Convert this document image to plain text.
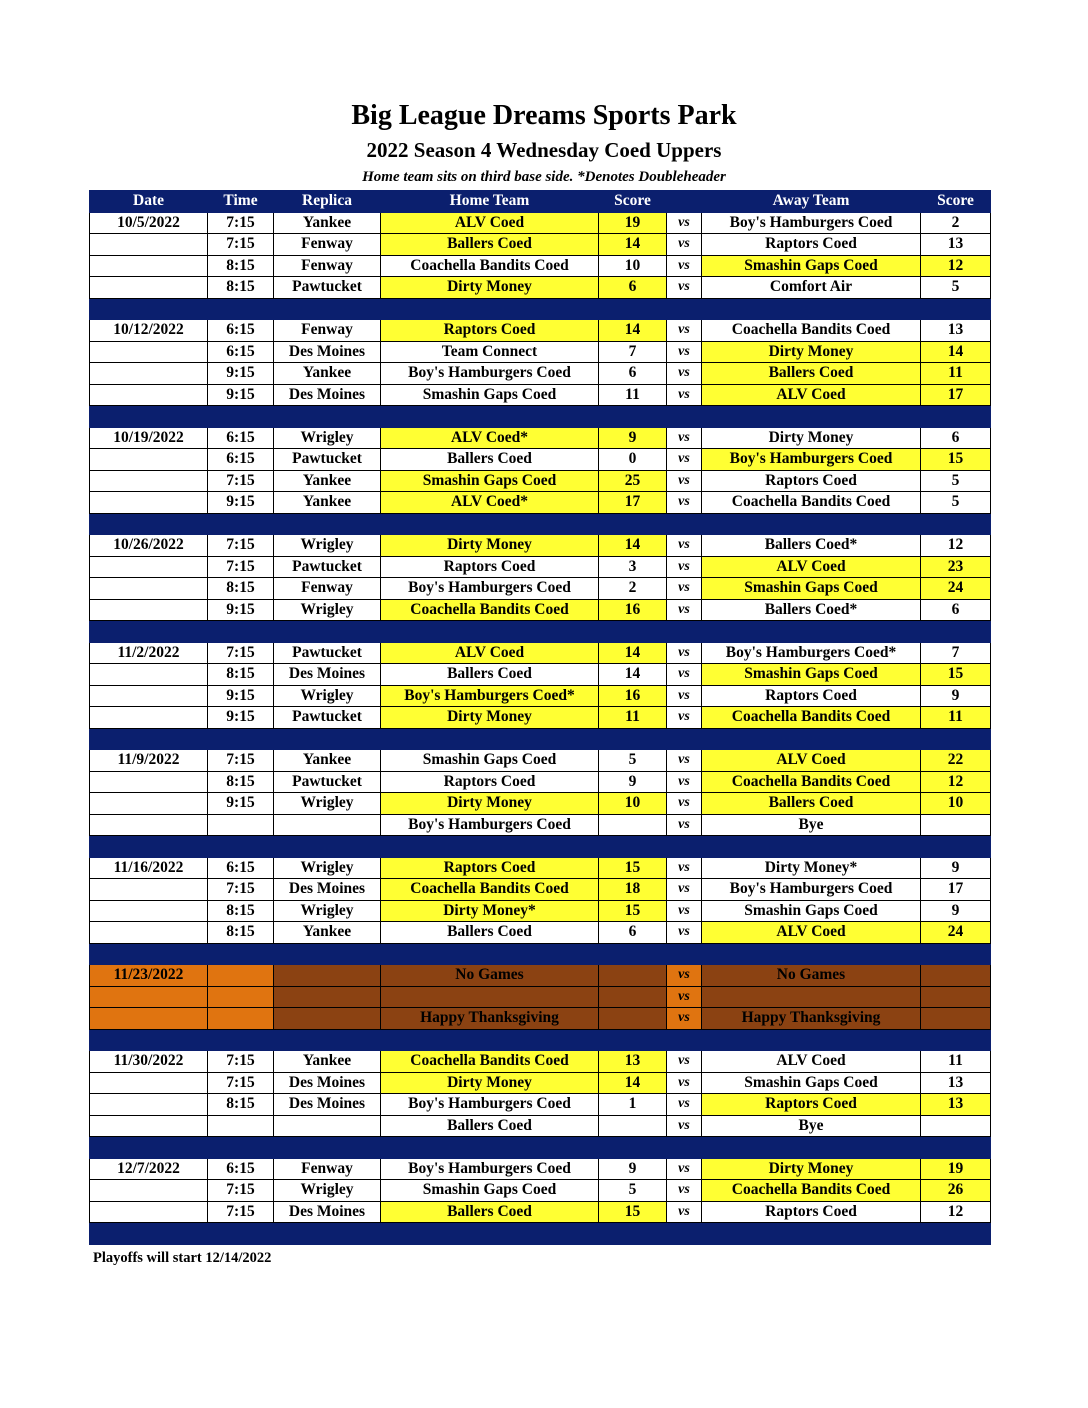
Big League Dreams Sports Park
2022 Season 4 Wednesday Coed Uppers
Home team sits on third base side. *Denotes Doubleheader
Date	Time	Replica	Home Team	Score		Away Team	Score
10/5/2022	7:15	Yankee	ALV Coed	19	vs	Boy's Hamburgers Coed	2
	7:15	Fenway	Ballers Coed	14	vs	Raptors Coed	13
	8:15	Fenway	Coachella Bandits Coed	10	vs	Smashin Gaps Coed	12
	8:15	Pawtucket	Dirty Money	6	vs	Comfort Air	5

10/12/2022	6:15	Fenway	Raptors Coed	14	vs	Coachella Bandits Coed	13
	6:15	Des Moines	Team Connect	7	vs	Dirty Money	14
	9:15	Yankee	Boy's Hamburgers Coed	6	vs	Ballers Coed	11
	9:15	Des Moines	Smashin Gaps Coed	11	vs	ALV Coed	17

10/19/2022	6:15	Wrigley	ALV Coed*	9	vs	Dirty Money	6
	6:15	Pawtucket	Ballers Coed	0	vs	Boy's Hamburgers Coed	15
	7:15	Yankee	Smashin Gaps Coed	25	vs	Raptors Coed	5
	9:15	Yankee	ALV Coed*	17	vs	Coachella Bandits Coed	5

10/26/2022	7:15	Wrigley	Dirty Money	14	vs	Ballers Coed*	12
	7:15	Pawtucket	Raptors Coed	3	vs	ALV Coed	23
	8:15	Fenway	Boy's Hamburgers Coed	2	vs	Smashin Gaps Coed	24
	9:15	Wrigley	Coachella Bandits Coed	16	vs	Ballers Coed*	6

11/2/2022	7:15	Pawtucket	ALV Coed	14	vs	Boy's Hamburgers Coed*	7
	8:15	Des Moines	Ballers Coed	14	vs	Smashin Gaps Coed	15
	9:15	Wrigley	Boy's Hamburgers Coed*	16	vs	Raptors Coed	9
	9:15	Pawtucket	Dirty Money	11	vs	Coachella Bandits Coed	11

11/9/2022	7:15	Yankee	Smashin Gaps Coed	5	vs	ALV Coed	22
	8:15	Pawtucket	Raptors Coed	9	vs	Coachella Bandits Coed	12
	9:15	Wrigley	Dirty Money	10	vs	Ballers Coed	10
			Boy's Hamburgers Coed		vs	Bye	

11/16/2022	6:15	Wrigley	Raptors Coed	15	vs	Dirty Money*	9
	7:15	Des Moines	Coachella Bandits Coed	18	vs	Boy's Hamburgers Coed	17
	8:15	Wrigley	Dirty Money*	15	vs	Smashin Gaps Coed	9
	8:15	Yankee	Ballers Coed	6	vs	ALV Coed	24

11/23/2022			No Games		vs	No Games	
					vs		
			Happy Thanksgiving		vs	Happy Thanksgiving	

11/30/2022	7:15	Yankee	Coachella Bandits Coed	13	vs	ALV Coed	11
	7:15	Des Moines	Dirty Money	14	vs	Smashin Gaps Coed	13
	8:15	Des Moines	Boy's Hamburgers Coed	1	vs	Raptors Coed	13
			Ballers Coed		vs	Bye	

12/7/2022	6:15	Fenway	Boy's Hamburgers Coed	9	vs	Dirty Money	19
	7:15	Wrigley	Smashin Gaps Coed	5	vs	Coachella Bandits Coed	26
	7:15	Des Moines	Ballers Coed	15	vs	Raptors Coed	12

Playoffs will start 12/14/2022
